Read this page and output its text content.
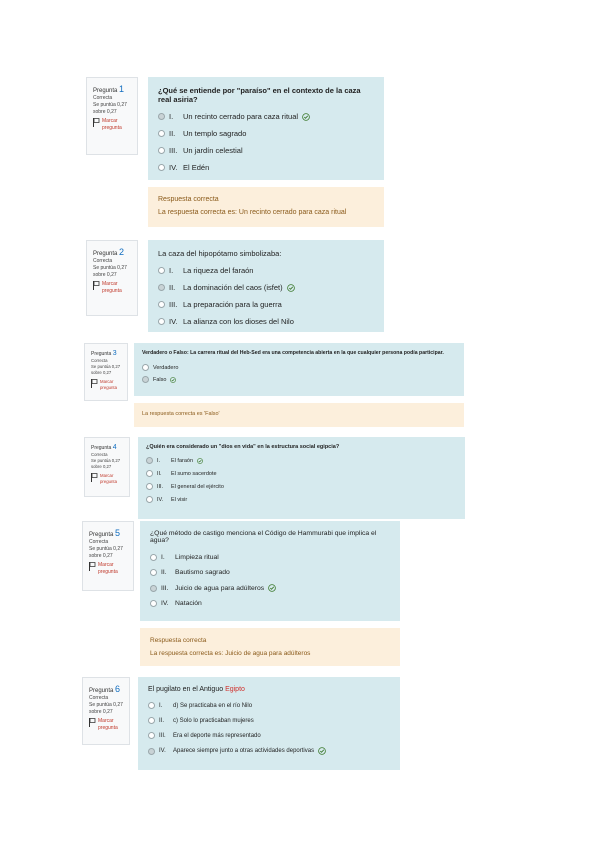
Pregunta 1
Correcta
Se puntúa 0,27 sobre 0,27
Marcar pregunta
¿Qué se entiende por "paraíso" en el contexto de la caza real asiria?
I.	Un recinto cerrado para caza ritual
II.	Un templo sagrado
III. Un jardín celestial
IV. El Edén
Respuesta correcta
La respuesta correcta es: Un recinto cerrado para caza ritual
Pregunta 2
Correcta
Se puntúa 0,27 sobre 0,27
Marcar pregunta
La caza del hipopótamo simbolizaba:
I.	La riqueza del faraón
II.	La dominación del caos (isfet)
III. La preparación para la guerra
IV. La alianza con los dioses del Nilo
Pregunta 3
Correcta
Se puntúa 0,27 sobre 0,27
Marcar pregunta
Verdadero o Falso: La carrera ritual del Heb-Sed era una competencia abierta en la que cualquier persona podía participar.
Verdadero
Falso
La respuesta correcta es 'Falso'
Pregunta 4
Correcta
Se puntúa 0,27 sobre 0,27
Marcar pregunta
¿Quién era considerado un "dios en vida" en la estructura social egipcia?
I.	El faraón
II.	El sumo sacerdote
III.	El general del ejército
IV.	El visir
Pregunta 5
Correcta
Se puntúa 0,27 sobre 0,27
Marcar pregunta
¿Qué método de castigo menciona el Código de Hammurabi que implica el agua?
I.	Limpieza ritual
II.	Bautismo sagrado
III. Juicio de agua para adúlteros
IV. Natación
Respuesta correcta
La respuesta correcta es: Juicio de agua para adúlteros
Pregunta 6
Correcta
Se puntúa 0,27 sobre 0,27
Marcar pregunta
El pugilato en el Antiguo Egipto
I.	d) Se practicaba en el río Nilo
II.	c) Solo lo practicaban mujeres
III.	Era el deporte más representado
IV.	Aparece siempre junto a otras actividades deportivas
